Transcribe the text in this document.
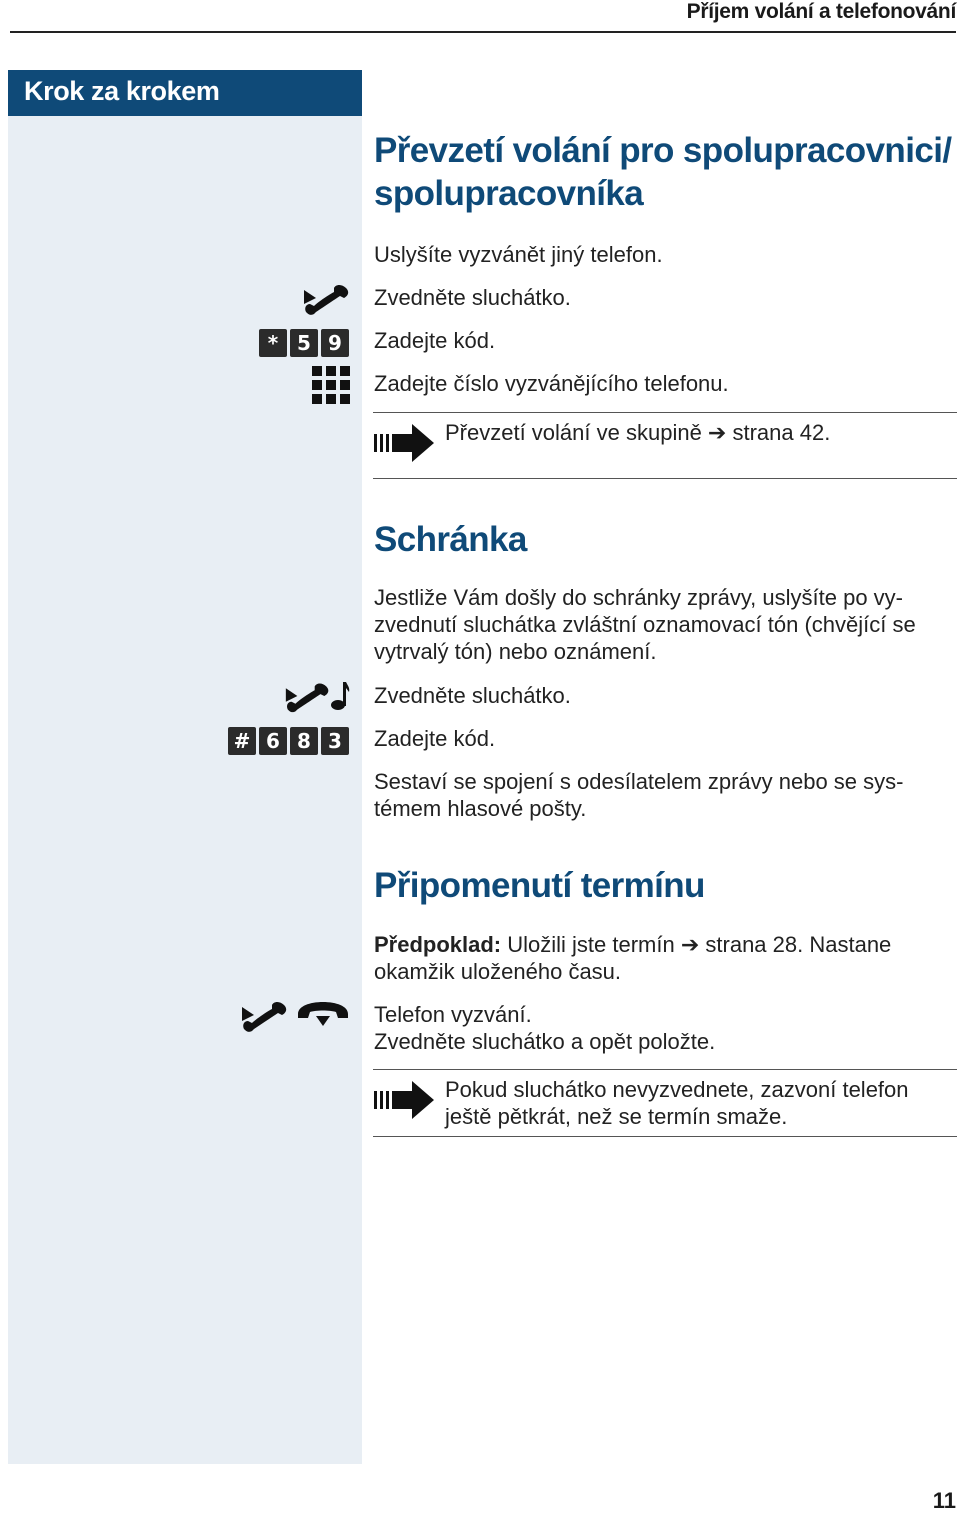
Příjem volání a telefonování
Krok za krokem
Převzetí volání pro spolupracovnici/
spolupracovníka

Uslyšíte vyzvánět jiný telefon.

Zvedněte sluchátko.

* 5 9	Zadejte kód.

Zadejte číslo vyzvánějícího telefonu.

Převzetí volání ve skupině ➔ strana 42.

Schránka

Jestliže Vám došly do schránky zprávy, uslyšíte po vy-
zvednutí sluchátka zvláštní oznamovací tón (chvějící se
vytrvalý tón) nebo oznámení.

Zvedněte sluchátko.

# 6 8 3	Zadejte kód.

Sestaví se spojení s odesílatelem zprávy nebo se sys-
témem hlasové pošty.

Připomenutí termínu

Předpoklad: Uložili jste termín ➔ strana 28. Nastane
okamžik uloženého času.

Telefon vyzvání.

Zvedněte sluchátko a opět položte.

Pokud sluchátko nevyzvednete, zazvoní telefon
ještě pětkrát, než se termín smaže.

11
